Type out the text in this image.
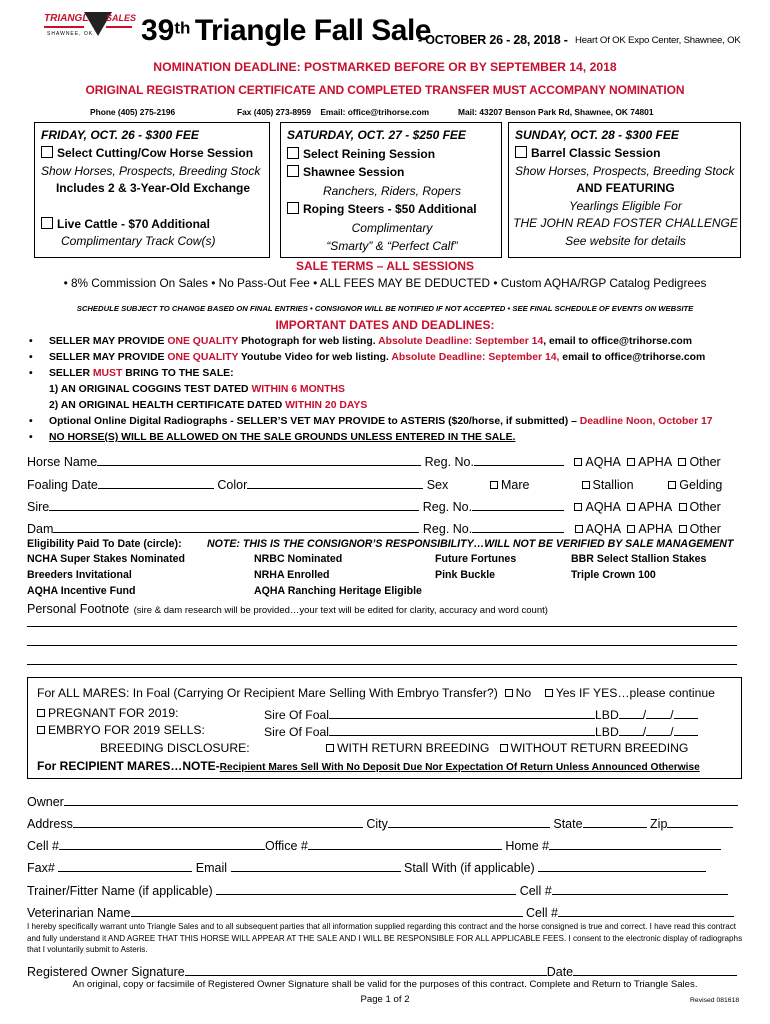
TRIANGLE SALES
SHAWNEE, OK 39th Triangle Fall Sale
- OCTOBER 26 - 28, 2018 - Heart Of OK Expo Center, Shawnee, OK
NOMINATION DEADLINE: POSTMARKED BEFORE OR BY SEPTEMBER 14, 2018
ORIGINAL REGISTRATION CERTIFICATE AND COMPLETED TRANSFER MUST ACCOMPANY NOMINATION
Phone (405) 275-2196	Fax (405) 273-8959    Email: office@trihorse.com	Mail: 43207 Benson Park Rd, Shawnee, OK 74801
FRIDAY, OCT. 26 - $300 FEE
Select Cutting/Cow Horse Session
Show Horses, Prospects, Breeding Stock
Includes 2 & 3-Year-Old Exchange
Live Cattle - $70 Additional
Complimentary Track Cow(s)
SATURDAY, OCT. 27 - $250 FEE
Select Reining Session
Shawnee Session
Ranchers, Riders, Ropers
Roping Steers - $50 Additional
Complimentary
“Smarty” & “Perfect Calf”
SUNDAY, OCT. 28 - $300 FEE
Barrel Classic Session
Show Horses, Prospects, Breeding Stock
AND FEATURING
Yearlings Eligible For
THE JOHN READ FOSTER CHALLENGE
See website for details
SALE TERMS – ALL SESSIONS
• 8% Commission On Sales • No Pass-Out Fee • ALL FEES MAY BE DEDUCTED • Custom AQHA/RGP Catalog Pedigrees
SCHEDULE SUBJECT TO CHANGE BASED ON FINAL ENTRIES • CONSIGNOR WILL BE NOTIFIED IF NOT ACCEPTED • SEE FINAL SCHEDULE OF EVENTS ON WEBSITE
IMPORTANT DATES AND DEADLINES:
• SELLER MAY PROVIDE ONE QUALITY Photograph for web listing. Absolute Deadline: September 14, email to office@trihorse.com
• SELLER MAY PROVIDE ONE QUALITY Youtube Video for web listing. Absolute Deadline: September 14, email to office@trihorse.com
• SELLER MUST BRING TO THE SALE:
1) AN ORIGINAL COGGINS TEST DATED WITHIN 6 MONTHS
2) AN ORIGINAL HEALTH CERTIFICATE DATED WITHIN 20 DAYS
• Optional Online Digital Radiographs - SELLER’S VET MAY PROVIDE to ASTERIS ($20/horse, if submitted) – Deadline Noon, October 17
• NO HORSE(S) WILL BE ALLOWED ON THE SALE GROUNDS UNLESS ENTERED IN THE SALE.
Horse Name	Reg. No.	AQHA APHA Other
Foaling Date	Color	Sex	Mare	Stallion	Gelding
Sire	Reg. No.	AQHA APHA Other
Dam	Reg. No.	AQHA APHA Other
Eligibility Paid To Date (circle): NOTE: THIS IS THE CONSIGNOR’S RESPONSIBILITY…WILL NOT BE VERIFIED BY SALE MANAGEMENT
NCHA Super Stakes Nominated	NRBC Nominated	Future Fortunes	BBR Select Stallion Stakes
Breeders Invitational	NRHA Enrolled	Pink Buckle	Triple Crown 100
AQHA Incentive Fund	AQHA Ranching Heritage Eligible
Personal Footnote (sire & dam research will be provided…your text will be edited for clarity, accuracy and word count)
For ALL MARES: In Foal (Carrying Or Recipient Mare Selling With Embryo Transfer?) No Yes IF YES…please continue
PREGNANT FOR 2019:	Sire Of Foal	LBD / /
EMBRYO FOR 2019 SELLS:	Sire Of Foal	LBD / /
BREEDING DISCLOSURE:	WITH RETURN BREEDING WITHOUT RETURN BREEDING
For RECIPIENT MARES…NOTE-Recipient Mares Sell With No Deposit Due Nor Expectation Of Return Unless Announced Otherwise
Owner
Address	City	State	Zip
Cell #	Office #	Home #
Fax#	Email	Stall With (if applicable)
Trainer/Fitter Name (if applicable)	Cell #
Veterinarian Name	Cell #
I hereby specifically warrant unto Triangle Sales and to all subsequent parties that all information supplied regarding this contract and the horse consigned is true and correct. I have read this contract and fully understand it AND AGREE THAT THIS HORSE WILL APPEAR AT THE SALE AND I WILL BE RESPONSIBLE FOR ALL APPLICABLE FEES. I consent to the electronic display of radiographs that I voluntarily submit to Asteris.
Registered Owner Signature	Date
An original, copy or facsimile of Registered Owner Signature shall be valid for the purposes of this contract. Complete and Return to Triangle Sales.
Page 1 of 2	Revised 081618
